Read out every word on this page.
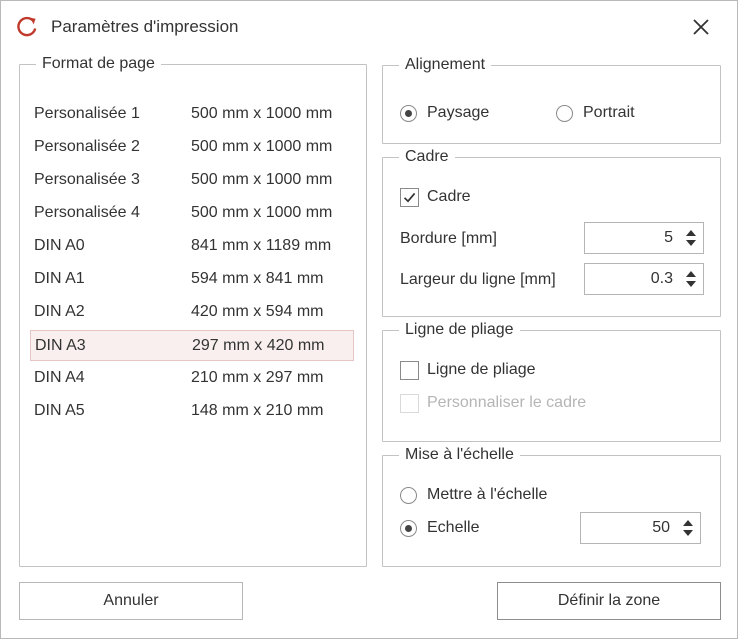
Paramètres d'impression
Format de page
Personalisée 1	500 mm x 1000 mm
Personalisée 2	500 mm x 1000 mm
Personalisée 3	500 mm x 1000 mm
Personalisée 4	500 mm x 1000 mm
DIN A0	841 mm x 1189 mm
DIN A1	594 mm x 841 mm
DIN A2	420 mm x 594 mm
DIN A3	297 mm x 420 mm
DIN A4	210 mm x 297 mm
DIN A5	148 mm x 210 mm
Alignement
Paysage	Portrait
Cadre
Cadre
Bordure [mm]	5
Largeur du ligne [mm]	0.3
Ligne de pliage
Ligne de pliage
Personnaliser le cadre
Mise à l'échelle
Mettre à l'échelle
Echelle	50
Annuler	Définir la zone
